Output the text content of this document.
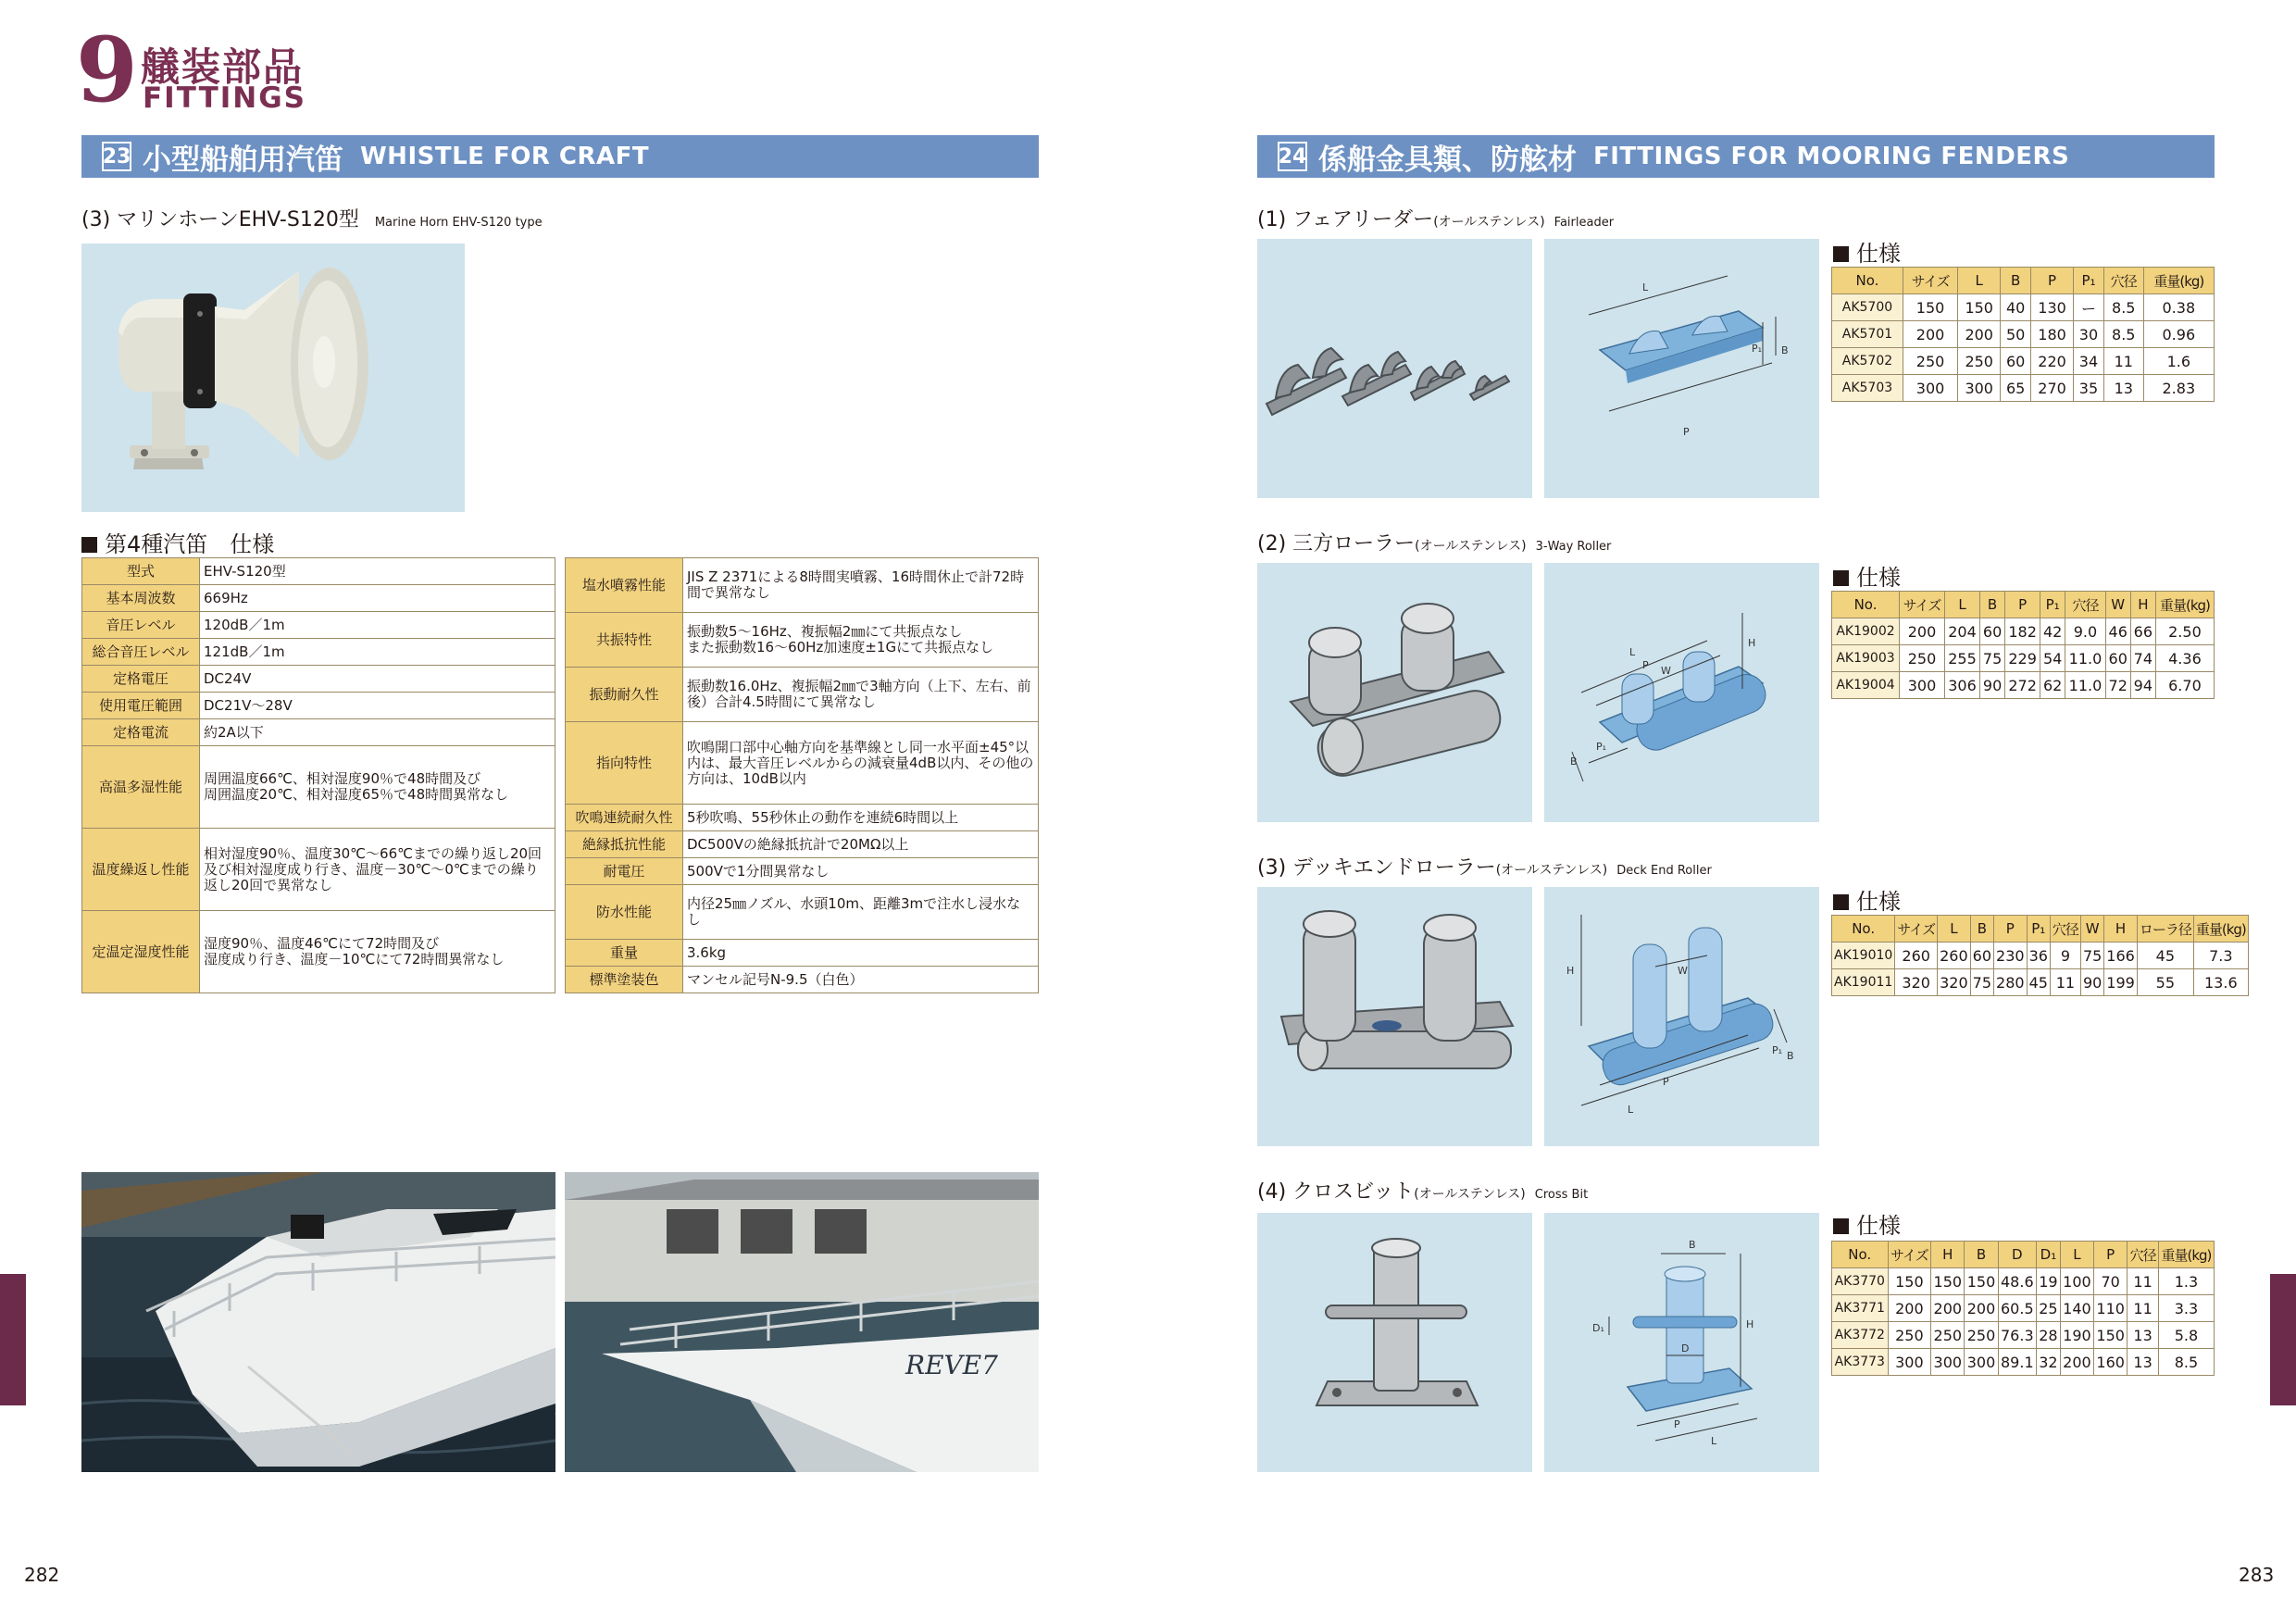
9 艤装部品
FITTINGS
23 小型船舶用汽笛 WHISTLE FOR CRAFT
(3) マリンホーンEHV-S120型 Marine Horn EHV-S120 type
第4種汽笛　仕様
型式	EHV-S120型
基本周波数	669Hz
音圧レベル	120dB／1m
総合音圧レベル	121dB／1m
定格電圧	DC24V
使用電圧範囲	DC21V～28V
定格電流	約2A以下
高温多湿性能	周囲温度66℃、相対湿度90％で48時間及び
周囲温度20℃、相対湿度65％で48時間異常なし
温度繰返し性能	相対湿度90％、温度30℃～66℃までの繰り返し20回及び相対湿度成り行き、温度－30℃～0℃までの繰り返し20回で異常なし
定温定湿度性能	湿度90％、温度46℃にて72時間及び
湿度成り行き、温度－10℃にて72時間異常なし
塩水噴霧性能	JIS Z 2371による8時間実噴霧、16時間休止で計72時間で異常なし
共振特性	振動数5～16Hz、複振幅2㎜にて共振点なし
また振動数16～60Hz加速度±1Gにて共振点なし
振動耐久性	振動数16.0Hz、複振幅2㎜で3軸方向（上下、左右、前後）合計4.5時間にて異常なし
指向特性	吹鳴開口部中心軸方向を基準線とし同一水平面±45°以内は、最大音圧レベルからの減衰量4dB以内、その他の方向は、10dB以内
吹鳴連続耐久性	5秒吹鳴、55秒休止の動作を連続6時間以上
絶縁抵抗性能	DC500Vの絶縁抵抗計で20MΩ以上
耐電圧	500Vで1分間異常なし
防水性能	内径25㎜ノズル、水頭10m、距離3mで注水し浸水なし
重量	3.6kg
標準塗装色	マンセル記号N-9.5（白色）
REVE7
282
24 係船金具類、防舷材 FITTINGS FOR MOORING FENDERS
(1) フェアリーダー(オールステンレス) Fairleader
L
P₁ B
P
仕様
No.	サイズ	L	B	P	P₁	穴径	重量(kg)
AK5700	150	150	40	130	ー	8.5	0.38
AK5701	200	200	50	180	30	8.5	0.96
AK5702	250	250	60	220	34	11	1.6
AK5703	300	300	65	270	35	13	2.83
(2) 三方ローラー(オールステンレス) 3-Way Roller
L
P W
H
P₁
B
仕様
No.	サイズ	L	B	P	P₁	穴径	W	H	重量(kg)
AK19002	200	204	60	182	42	9.0	46	66	2.50
AK19003	250	255	75	229	54	11.0	60	74	4.36
AK19004	300	306	90	272	62	11.0	72	94	6.70
(3) デッキエンドローラー(オールステンレス) Deck End Roller
H	W
P₁ B
P
L
仕様
No.	サイズ	L	B	P	P₁	穴径	W	H	ローラ径	重量(kg)
AK19010	260	260	60	230	36	9	75	166	45	7.3
AK19011	320	320	75	280	45	11	90	199	55	13.6
(4) クロスビット(オールステンレス) Cross Bit
B
H
D₁
D
P
L
仕様
No.	サイズ	H	B	D	D₁	L	P	穴径	重量(kg)
AK3770	150	150	150	48.6	19	100	70	11	1.3
AK3771	200	200	200	60.5	25	140	110	11	3.3
AK3772	250	250	250	76.3	28	190	150	13	5.8
AK3773	300	300	300	89.1	32	200	160	13	8.5
283
